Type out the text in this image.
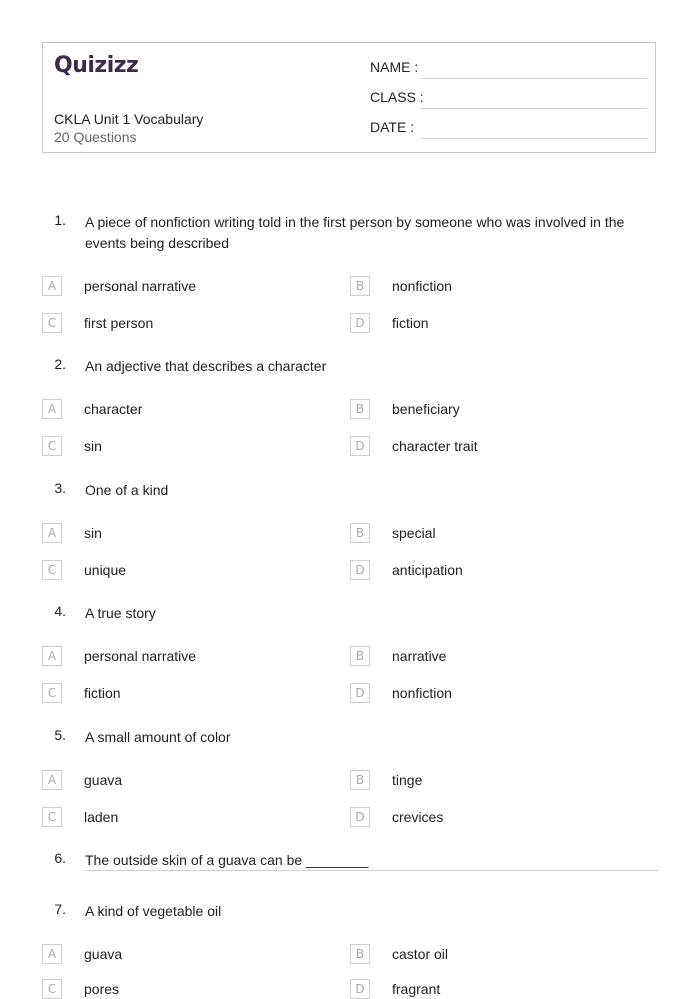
Quizizz
CKLA Unit 1 Vocabulary
20 Questions
NAME :
CLASS :
DATE :
1. A piece of nonfiction writing told in the first person by someone who was involved in the events being described
A	personal narrative	B	nonfiction
C	first person	D	fiction
2. An adjective that describes a character
A	character	B	beneficiary
C	sin	D	character trait
3. One of a kind
A	sin	B	special
C	unique	D	anticipation
4. A true story
A	personal narrative	B	narrative
C	fiction	D	nonfiction
5. A small amount of color
A	guava	B	tinge
C	laden	D	crevices
6. The outside skin of a guava can be ________
7. A kind of vegetable oil
A	guava	B	castor oil
C	pores	D	fragrant
